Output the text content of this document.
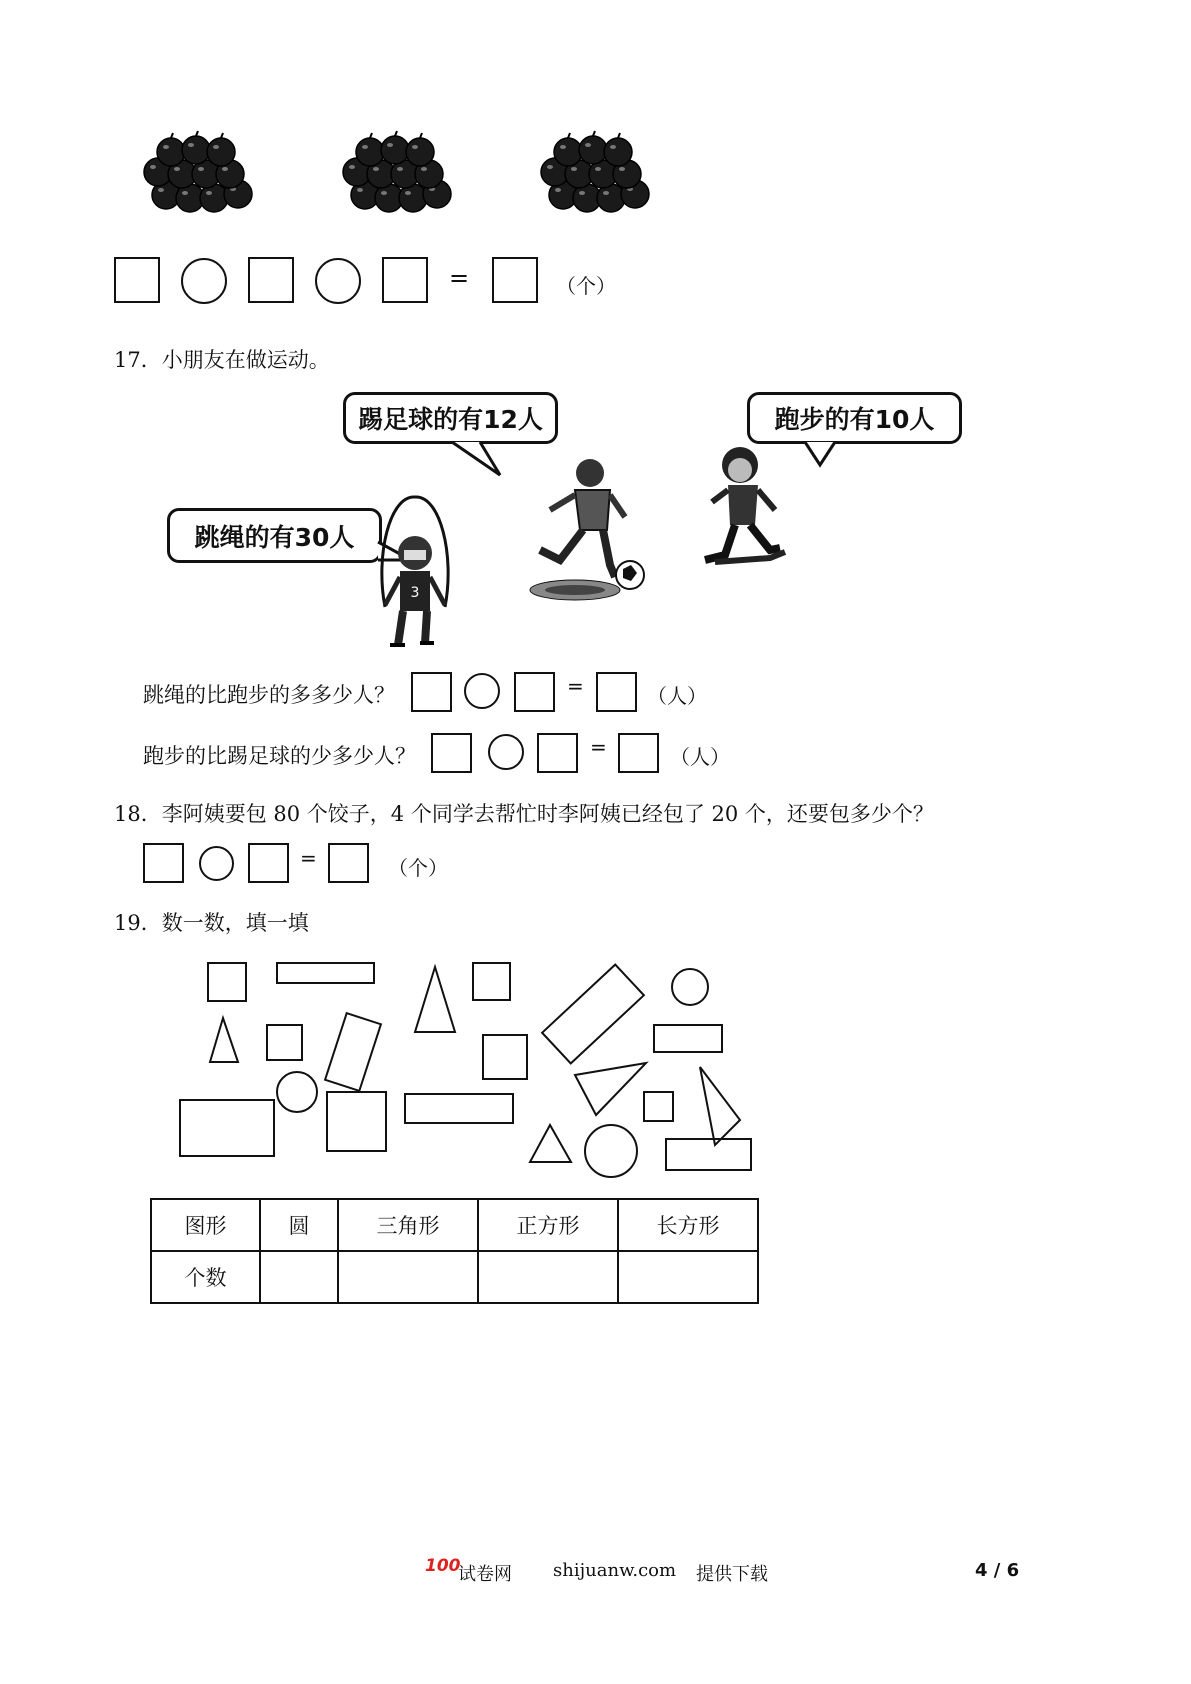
=	（个）
17．小朋友在做运动。
踢足球的有12人	跑步的有10人
跳绳的有30人
3
跳绳的比跑步的多多少人？	=	（人）
跑步的比踢足球的少多少人？	=	（人）
18．李阿姨要包 80 个饺子，4 个同学去帮忙时李阿姨已经包了 20 个，还要包多少个？
=	（个）
19．数一数，填一填
图形	圆	三角形	正方形	长方形
个数				
100
试卷网 shijuanw.com 提供下载	4 / 6
